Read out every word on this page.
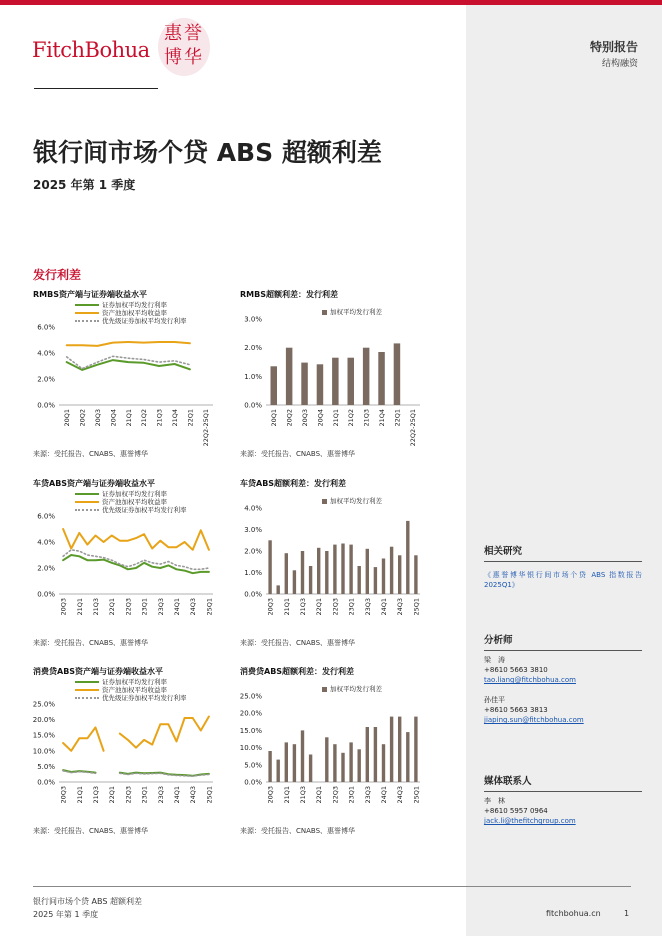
FitchBohua
惠誉博华	特别报告
结构融资
银行间市场个贷 ABS 超额利差
2025 年第 1 季度
发行利差
RMBS资产端与证券端收益水平
证券加权平均发行利率
资产池加权平均收益率
优先级证券加权平均发行利率
0.0%
2.0%
4.0%
6.0%
20Q1 20Q2 20Q3 20Q4 21Q1 21Q2 21Q3 21Q4 22Q1 22Q2-25Q1
来源：受托报告、CNABS、惠誉博华
RMBS超额利差：发行利差
加权平均发行利差
0.0%
1.0%
2.0%
3.0%
20Q1 20Q2 20Q3 20Q4 21Q1 21Q2 21Q3 21Q4 22Q1 22Q2-25Q1
来源：受托报告、CNABS、惠誉博华
车贷ABS资产端与证券端收益水平
证券加权平均发行利率
资产池加权平均收益率
优先级证券加权平均发行利率
0.0%
2.0%
4.0%
6.0%
20Q3 21Q1 21Q3 22Q1 22Q3 23Q1 23Q3 24Q1 24Q3 25Q1
来源：受托报告、CNABS、惠誉博华
车贷ABS超额利差：发行利差
加权平均发行利差
0.0%
1.0%
2.0%
3.0%
4.0%
20Q3 21Q1 21Q3 22Q1 22Q3 23Q1 23Q3 24Q1 24Q3 25Q1
来源：受托报告、CNABS、惠誉博华
消费贷ABS资产端与证券端收益水平
证券加权平均发行利率
资产池加权平均收益率
优先级证券加权平均发行利率
0.0%
5.0%
10.0%
15.0%
20.0%
25.0%
20Q3 21Q1 21Q3 22Q1 22Q3 23Q1 23Q3 24Q1 24Q3 25Q1
来源：受托报告、CNABS、惠誉博华
消费贷ABS超额利差：发行利差
加权平均发行利差
0.0%
5.0%
10.0%
15.0%
20.0%
25.0%
20Q3 21Q1 21Q3 22Q1 22Q3 23Q1 23Q3 24Q1 24Q3 25Q1
来源：受托报告、CNABS、惠誉博华
相关研究
《惠誉博华银行间市场个贷 ABS 指数报告 2025Q1》
分析师
梁　涛
+8610 5663 3810
tao.liang@fitchbohua.com
孙佳平
+8610 5663 3813
jiaping.sun@fitchbohua.com
媒体联系人
李　林
+8610 5957 0964
jack.li@thefitchgroup.com
银行间市场个贷 ABS 超额利差
2025 年第 1 季度	fitchbohua.cn	1
